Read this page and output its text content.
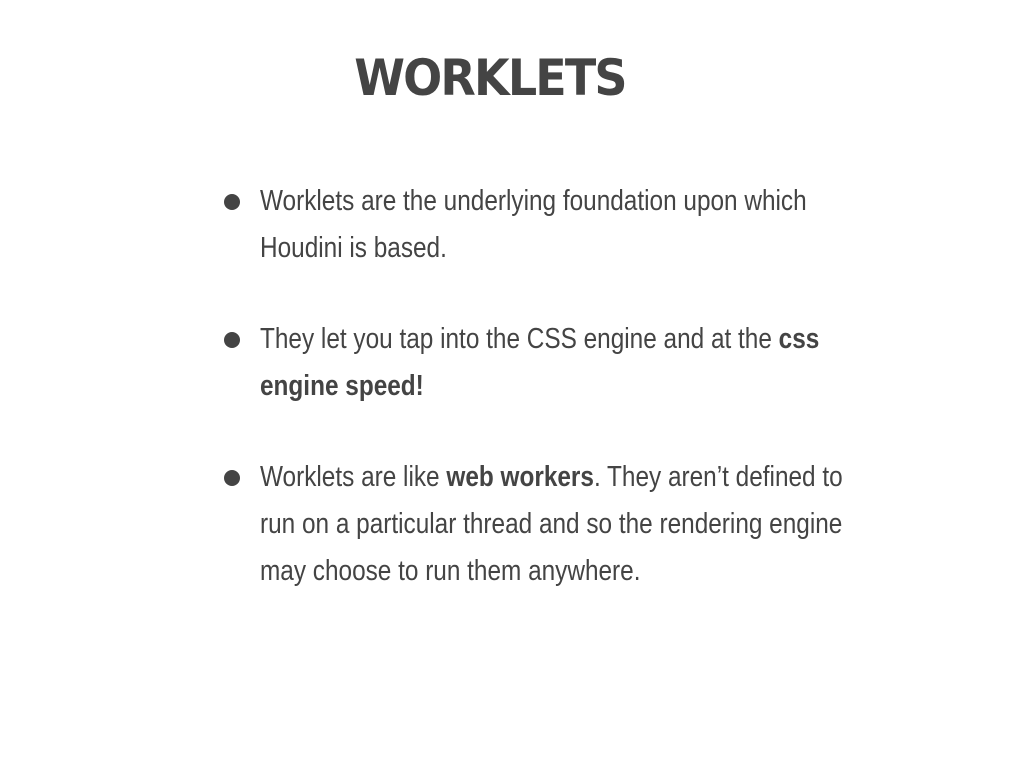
WORKLETS
Worklets are the underlying foundation upon which Houdini is based.
They let you tap into the CSS engine and at the css engine speed!
Worklets are like web workers. They aren’t defined to run on a particular thread and so the rendering engine may choose to run them anywhere.
